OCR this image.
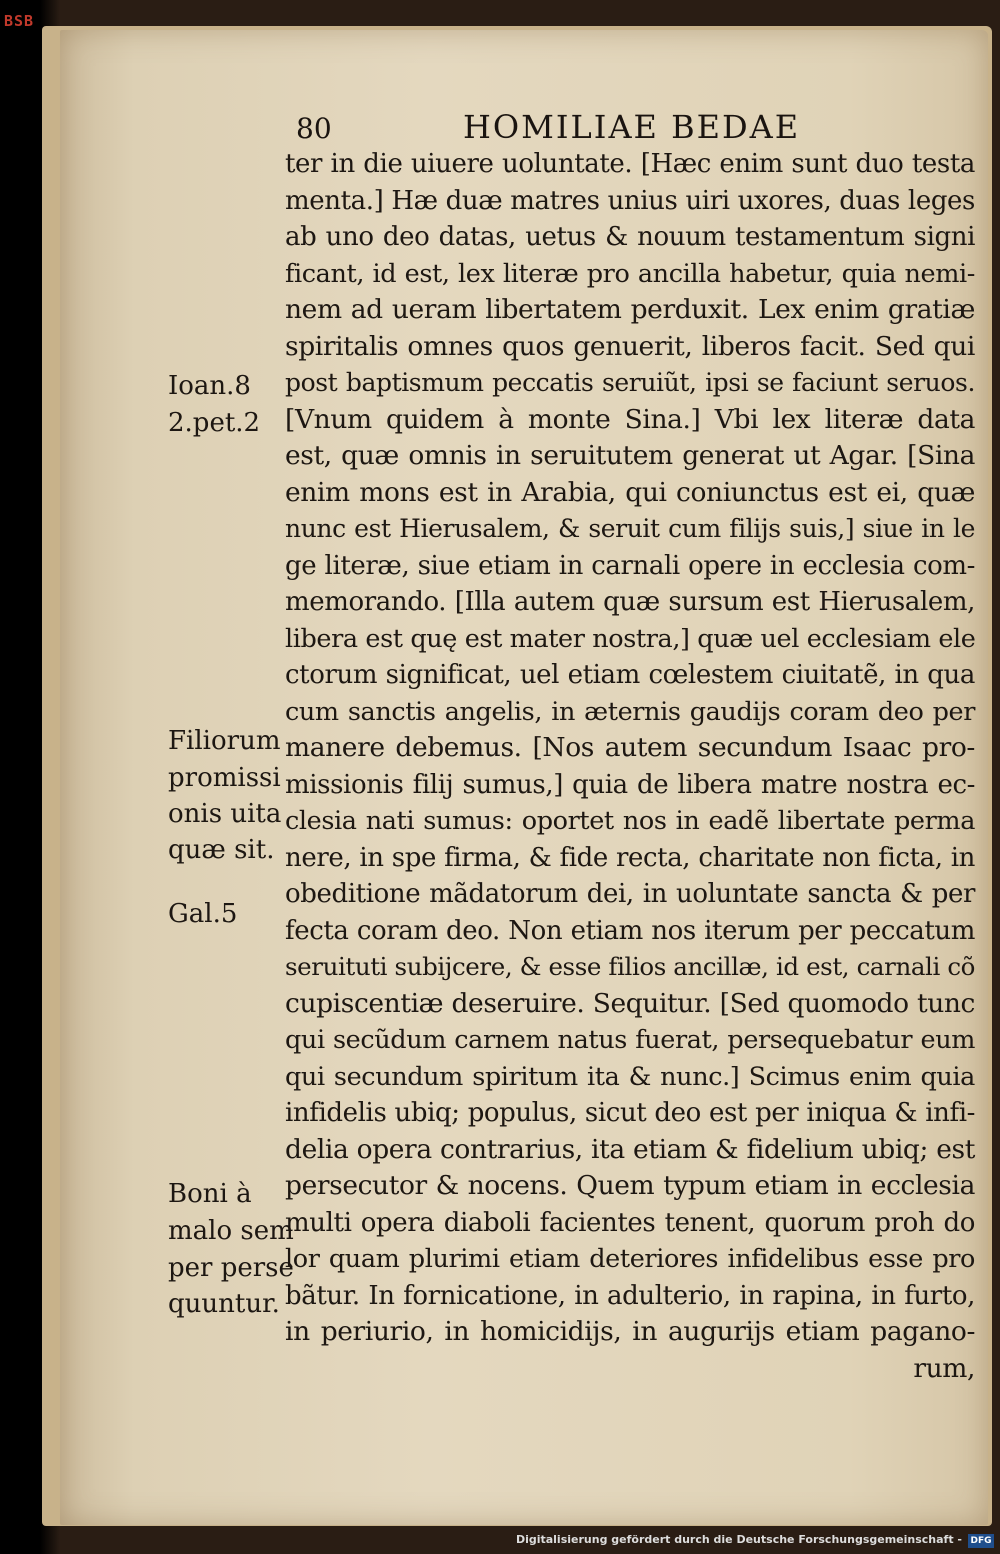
BSB
80	HOMILIAE BEDAE
ter in die uiuere uoluntate. [Hæc enim sunt duo testa
menta.] Hæ duæ matres unius uiri uxores, duas leges
ab uno deo datas, uetus & nouum testamentum signi
ficant, id est, lex literæ pro ancilla habetur, quia nemi-
nem ad ueram libertatem perduxit. Lex enim gratiæ
spiritalis omnes quos genuerit, liberos facit. Sed qui
post baptismum peccatis seruiũt, ipsi se faciunt seruos.
[Vnum quidem à monte Sina.] Vbi lex literæ data
est, quæ omnis in seruitutem generat ut Agar. [Sina
enim mons est in Arabia, qui coniunctus est ei, quæ
nunc est Hierusalem, & seruit cum filijs suis,] siue in le
ge literæ, siue etiam in carnali opere in ecclesia com-
memorando. [Illa autem quæ sursum est Hierusalem,
libera est quę est mater nostra,] quæ uel ecclesiam ele
ctorum significat, uel etiam cœlestem ciuitatẽ, in qua
cum sanctis angelis, in æternis gaudijs coram deo per
manere debemus. [Nos autem secundum Isaac pro-
missionis filij sumus,] quia de libera matre nostra ec-
clesia nati sumus: oportet nos in eadẽ libertate perma
nere, in spe firma, & fide recta, charitate non ficta, in
obeditione mãdatorum dei, in uoluntate sancta & per
fecta coram deo. Non etiam nos iterum per peccatum
seruituti subijcere, & esse filios ancillæ, id est, carnali cõ
cupiscentiæ deseruire. Sequitur. [Sed quomodo tunc
qui secũdum carnem natus fuerat, persequebatur eum
qui secundum spiritum ita & nunc.] Scimus enim quia
infidelis ubiq; populus, sicut deo est per iniqua & infi-
delia opera contrarius, ita etiam & fidelium ubiq; est
persecutor & nocens. Quem typum etiam in ecclesia
multi opera diaboli facientes tenent, quorum proh do
lor quam plurimi etiam deteriores infidelibus esse pro
bãtur. In fornicatione, in adulterio, in rapina, in furto,
in periurio, in homicidijs, in augurijs etiam pagano-
rum,
Ioan.8
2.pet.2
Filiorum
promissi
onis uita
quæ sit.
Gal.5
Boni à
malo sem
per perse
quuntur.
Digitalisierung gefördert durch die Deutsche Forschungsgemeinschaft - DFG
